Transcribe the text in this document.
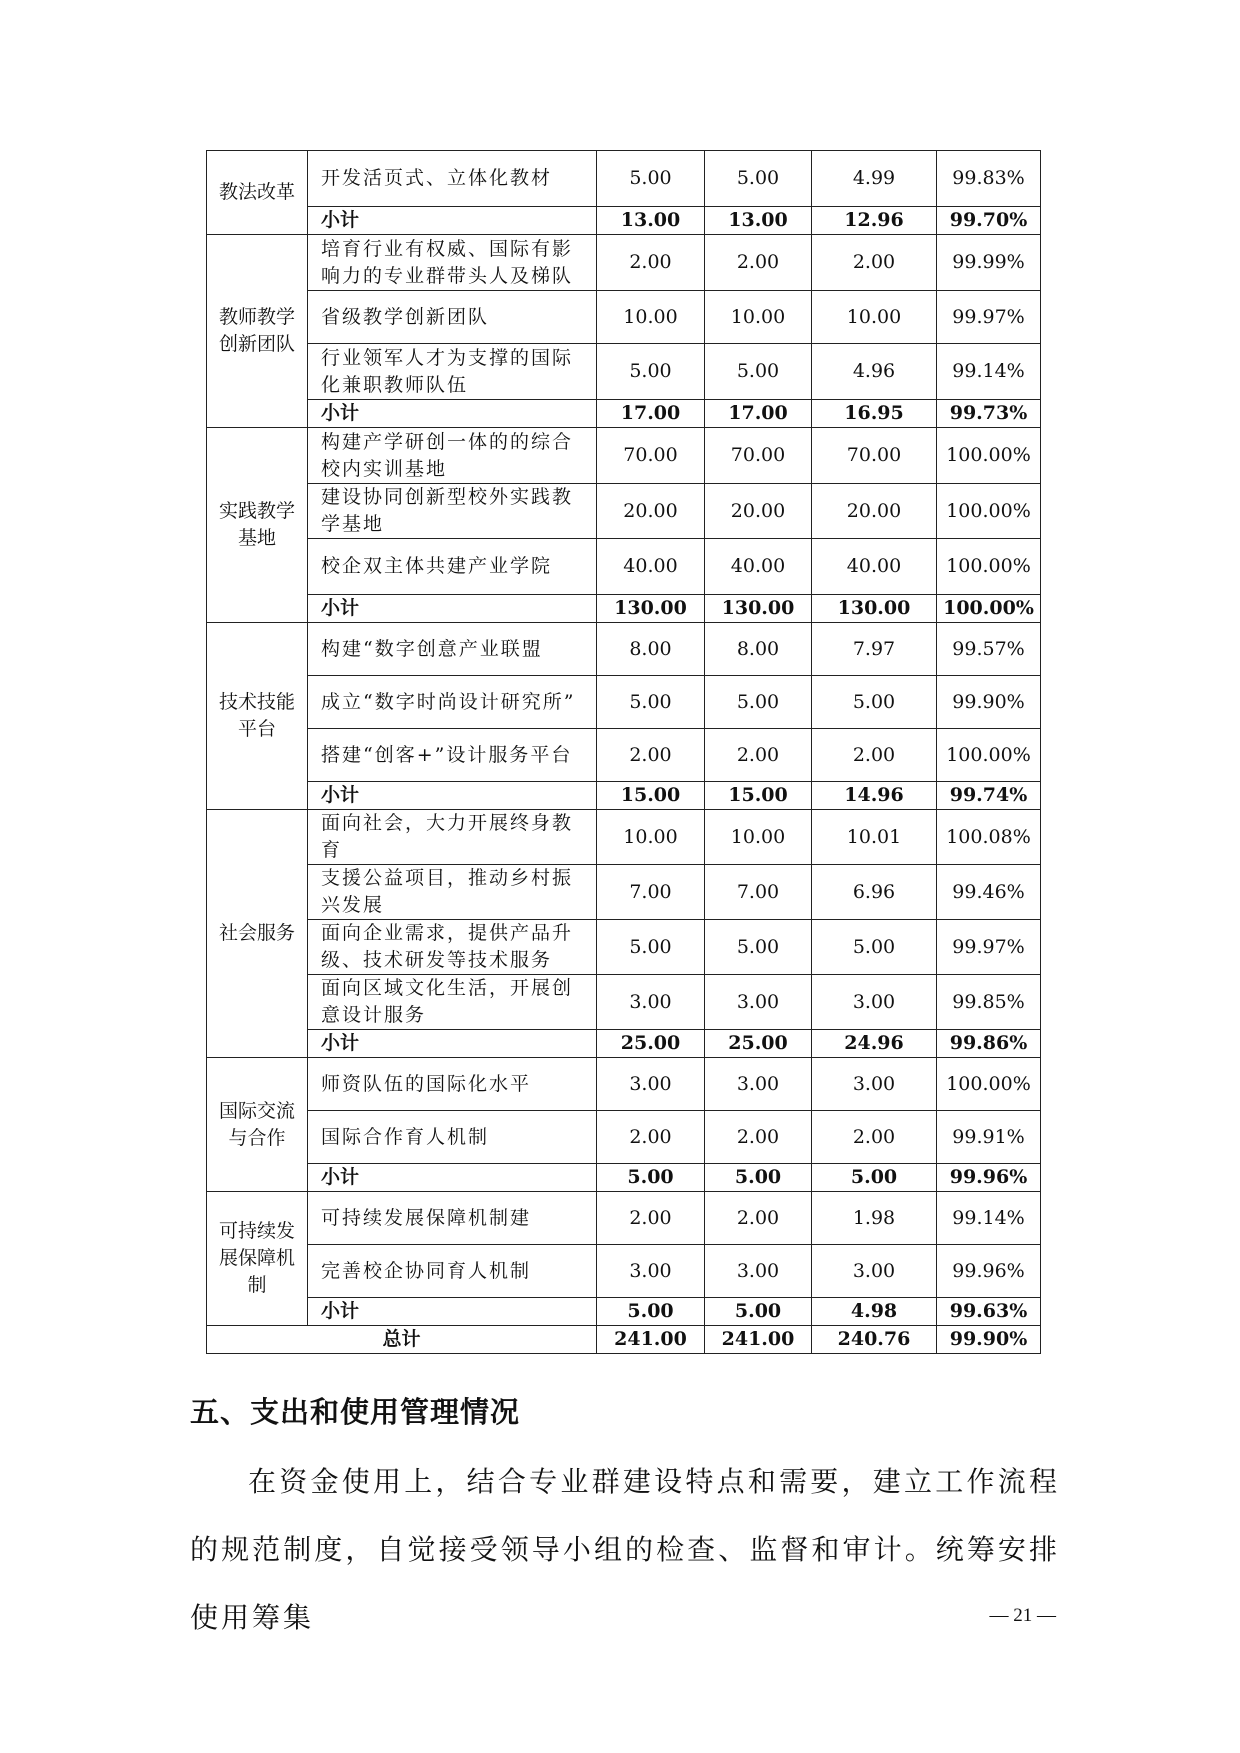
教法改革	开发活页式、立体化教材	5.00	5.00	4.99	99.83%
	小计	13.00	13.00	12.96	99.70%
教师教学创新团队	培育行业有权威、国际有影响力的专业群带头人及梯队	2.00	2.00	2.00	99.99%
	省级教学创新团队	10.00	10.00	10.00	99.97%
	行业领军人才为支撑的国际化兼职教师队伍	5.00	5.00	4.96	99.14%
	小计	17.00	17.00	16.95	99.73%
实践教学基地	构建产学研创一体的的综合校内实训基地	70.00	70.00	70.00	100.00%
	建设协同创新型校外实践教学基地	20.00	20.00	20.00	100.00%
	校企双主体共建产业学院	40.00	40.00	40.00	100.00%
	小计	130.00	130.00	130.00	100.00%
技术技能平台	构建“数字创意产业联盟	8.00	8.00	7.97	99.57%
	成立“数字时尚设计研究所”	5.00	5.00	5.00	99.90%
	搭建“创客+”设计服务平台	2.00	2.00	2.00	100.00%
	小计	15.00	15.00	14.96	99.74%
社会服务	面向社会，大力开展终身教育	10.00	10.00	10.01	100.08%
	支援公益项目，推动乡村振兴发展	7.00	7.00	6.96	99.46%
	面向企业需求，提供产品升级、技术研发等技术服务	5.00	5.00	5.00	99.97%
	面向区域文化生活，开展创意设计服务	3.00	3.00	3.00	99.85%
	小计	25.00	25.00	24.96	99.86%
国际交流与合作	师资队伍的国际化水平	3.00	3.00	3.00	100.00%
	国际合作育人机制	2.00	2.00	2.00	99.91%
	小计	5.00	5.00	5.00	99.96%
可持续发展保障机制	可持续发展保障机制建	2.00	2.00	1.98	99.14%
	完善校企协同育人机制	3.00	3.00	3.00	99.96%
	小计	5.00	5.00	4.98	99.63%
总计		241.00	241.00	240.76	99.90%
五、支出和使用管理情况

在资金使用上，结合专业群建设特点和需要，建立工作流程的规范制度，自觉接受领导小组的检查、监督和审计。统筹安排使用筹集	— 21 —
